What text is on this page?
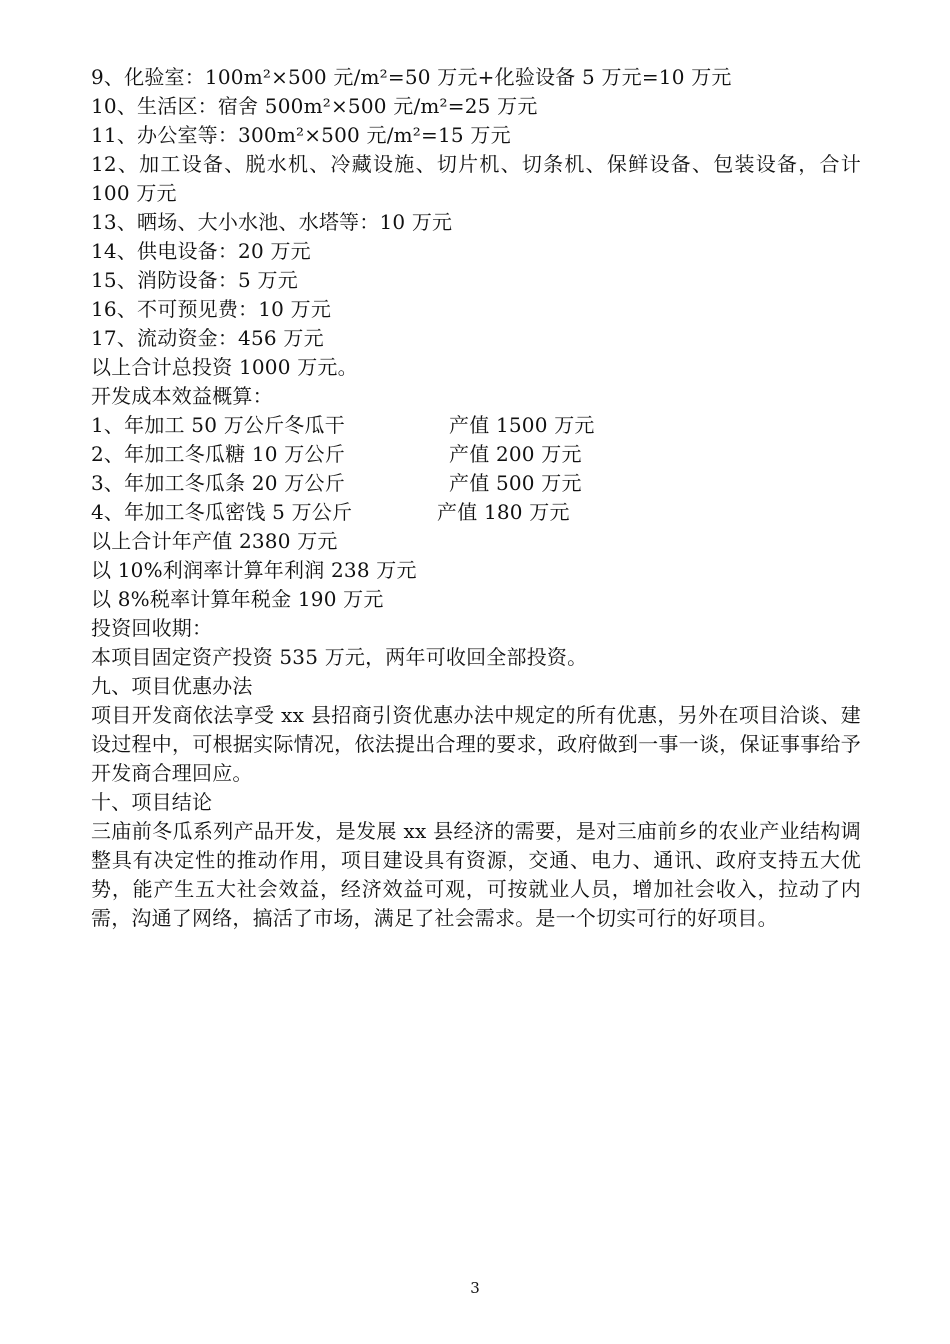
9、化验室：100m²×500 元/m²=50 万元+化验设备 5 万元=10 万元
10、生活区：宿舍 500m²×500 元/m²=25 万元
11、办公室等：300m²×500 元/m²=15 万元
12、加工设备、脱水机、冷藏设施、切片机、切条机、保鲜设备、包装设备，合计 100 万元
13、晒场、大小水池、水塔等：10 万元
14、供电设备：20 万元
15、消防设备：5 万元
16、不可预见费：10 万元
17、流动资金：456 万元
以上合计总投资 1000 万元。
开发成本效益概算：
1、年加工 50 万公斤冬瓜干	产值 1500 万元
2、年加工冬瓜糖 10 万公斤	产值 200 万元
3、年加工冬瓜条 20 万公斤	产值 500 万元
4、年加工冬瓜密饯 5 万公斤	产值 180 万元
以上合计年产值 2380 万元
以 10%利润率计算年利润 238 万元
以 8%税率计算年税金 190 万元
投资回收期：
本项目固定资产投资 535 万元，两年可收回全部投资。
九、项目优惠办法
项目开发商依法享受 xx 县招商引资优惠办法中规定的所有优惠，另外在项目洽谈、建设过程中，可根据实际情况，依法提出合理的要求，政府做到一事一谈，保证事事给予开发商合理回应。
十、项目结论
三庙前冬瓜系列产品开发，是发展 xx 县经济的需要，是对三庙前乡的农业产业结构调整具有决定性的推动作用，项目建设具有资源，交通、电力、通讯、政府支持五大优势，能产生五大社会效益，经济效益可观，可按就业人员，增加社会收入，拉动了内需，沟通了网络，搞活了市场，满足了社会需求。是一个切实可行的好项目。
3
